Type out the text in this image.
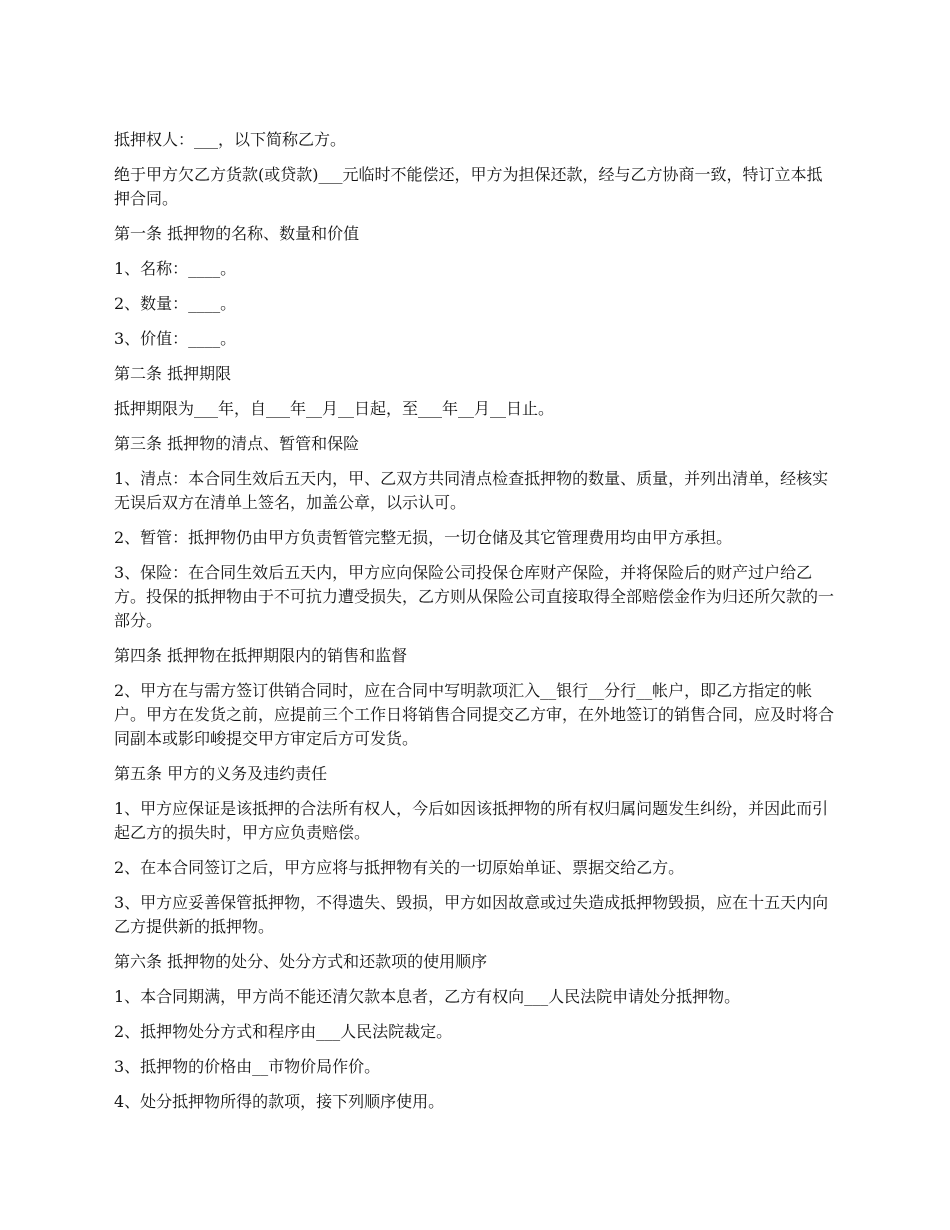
抵押权人：___，以下简称乙方。

绝于甲方欠乙方货款(或贷款)___元临时不能偿还，甲方为担保还款，经与乙方协商一致，特订立本抵押合同。

第一条 抵押物的名称、数量和价值

1、名称：____。

2、数量：____。

3、价值：____。

第二条 抵押期限

抵押期限为___年，自___年__月__日起，至___年__月__日止。

第三条 抵押物的清点、暂管和保险

1、清点：本合同生效后五天内，甲、乙双方共同清点检查抵押物的数量、质量，并列出清单，经核实无误后双方在清单上签名，加盖公章，以示认可。

2、暂管：抵押物仍由甲方负责暂管完整无损，一切仓储及其它管理费用均由甲方承担。

3、保险：在合同生效后五天内，甲方应向保险公司投保仓库财产保险，并将保险后的财产过户给乙方。投保的抵押物由于不可抗力遭受损失，乙方则从保险公司直接取得全部赔偿金作为归还所欠款的一部分。

第四条 抵押物在抵押期限内的销售和监督

2、甲方在与需方签订供销合同时，应在合同中写明款项汇入__银行__分行__帐户，即乙方指定的帐户。甲方在发货之前，应提前三个工作日将销售合同提交乙方审，在外地签订的销售合同，应及时将合同副本或影印峻提交甲方审定后方可发货。

第五条 甲方的义务及违约责任

1、甲方应保证是该抵押的合法所有权人，今后如因该抵押物的所有权归属问题发生纠纷，并因此而引起乙方的损失时，甲方应负责赔偿。

2、在本合同签订之后，甲方应将与抵押物有关的一切原始单证、票据交给乙方。

3、甲方应妥善保管抵押物，不得遗失、毁损，甲方如因故意或过失造成抵押物毁损，应在十五天内向乙方提供新的抵押物。

第六条 抵押物的处分、处分方式和还款项的使用顺序

1、本合同期满，甲方尚不能还清欠款本息者，乙方有权向___人民法院申请处分抵押物。

2、抵押物处分方式和程序由___人民法院裁定。

3、抵押物的价格由__市物价局作价。

4、处分抵押物所得的款项，接下列顺序使用。
